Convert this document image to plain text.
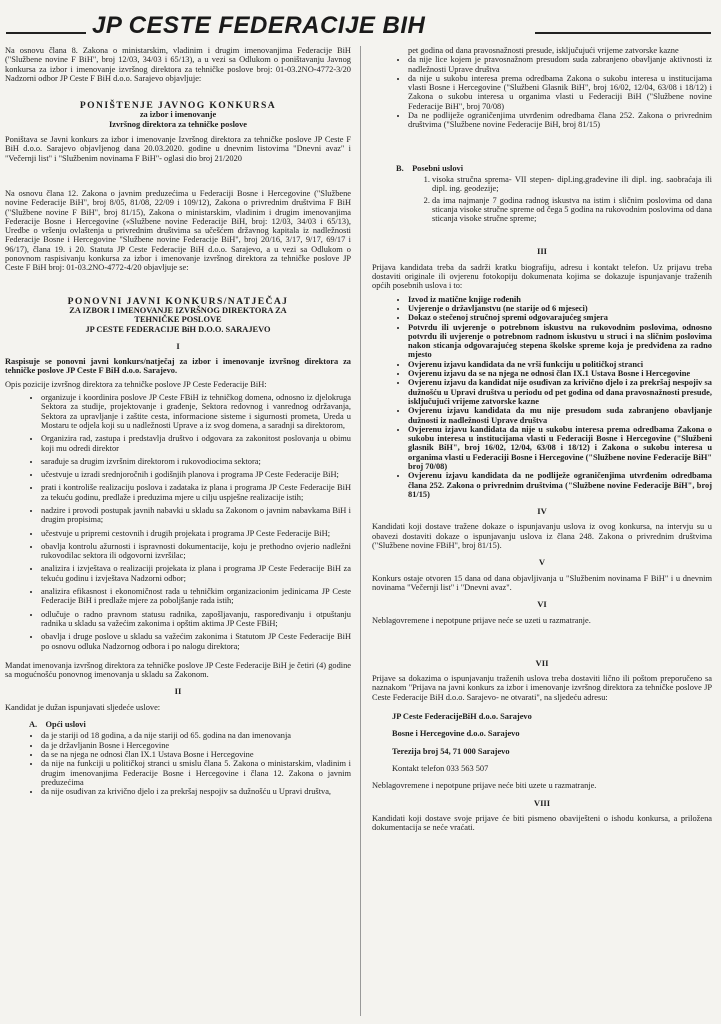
JP CESTE FEDERACIJE BIH

Na osnovu člana 8. Zakona o ministarskim, vladinim i drugim imenovanjima Federacije BiH ("Službene novine F BiH", broj 12/03, 34/03 i 65/13), a u vezi sa Odlukom o poništavanju Javnog konkursa za izbor i imenovanje izvršnog direktora za tehničke poslove broj: 01-03.2NO-4772-3/20 Nadzorni odbor JP Ceste F BiH d.o.o. Sarajevo objavljuje:

PONIŠTENJE JAVNOG KONKURSA
za izbor i imenovanje
Izvršnog direktora za tehničke poslove

Poništava se Javni konkurs za izbor i imenovanje Izvršnog direktora za tehničke poslove JP Ceste F BiH d.o.o. Sarajevo objavljenog dana 20.03.2020. godine u dnevnim listovima "Dnevni avaz" i "Večernji list" i "Službenim novinama F BiH"- oglasi dio broj 21/2020

Na osnovu člana 12. Zakona o javnim preduzećima u Federaciji Bosne i Hercegovine ("Službene novine Federacije BiH", broj 8/05, 81/08, 22/09 i 109/12), Zakona o privrednim društvima F BiH ("Službene novine F BiH", broj 81/15), Zakona o ministarskim, vladinim i drugim imenovanjima Federacije Bosne i Hercegovine («Službene novine Federacije BiH, broj: 12/03, 34/03 i 65/13), Uredbe o vršenju ovlaštenja u privrednim društvima sa učešćem državnog kapitala iz nadležnosti Federacije Bosne i Hercegovine "Službene novine Federacije BiH", broj 20/16, 3/17, 9/17, 69/17 i 96/17), člana 19. i 20. Statuta JP Ceste Federacije BiH d.o.o. Sarajevo, a u vezi sa Odlukom o ponovnom raspisivanju konkursa za izbor i imenovanje izvršnog direktora za tehničke poslove JP Ceste F BiH broj: 01-03.2NO-4772-4/20 objavljuje se:

PONOVNI JAVNI KONKURS/NATJEČAJ
ZA IZBOR I IMENOVANJE IZVRŠNOG DIREKTORA ZA
TEHNIČKE POSLOVE
JP CESTE FEDERACIJE BiH D.O.O. SARAJEVO
I

Raspisuje se ponovni javni konkurs/natječaj za izbor i imenovanje izvršnog direktora za tehničke poslove JP Ceste F BiH d.o.o. Sarajevo.

Opis pozicije izvršnog direktora za tehničke poslove JP Ceste Federacije BiH:

• organizuje i koordinira poslove JP Ceste FBiH iz tehničkog domena, odnosno iz djelokruga Sektora za studije, projektovanje i građenje, Sektora redovnog i vanrednog održavanja, Sektora za upravljanje i zaštite cesta, informacione sisteme i sigurnosti prometa, Ureda u Mostaru te odjela koji su u nadležnosti Uprave a iz svog domena, a saradnji sa direktorom,
• Organizira rad, zastupa i predstavlja društvo i odgovara za zakonitost poslovanja u obimu koji mu odredi direktor
• sarađuje sa drugim izvršnim direktorom i rukovodiocima sektora;
• učestvuje u izradi srednjoročnih i godišnjih planova i programa JP Ceste Federacije BiH;
• prati i kontroliše realizaciju poslova i zadataka iz plana i programa JP Ceste Federacije BiH za tekuću godinu, predlaže i preduzima mjere u cilju uspješne realizacije istih;
• nadzire i provodi postupak javnih nabavki u skladu sa Zakonom o javnim nabavkama BiH i drugim propisima;
• učestvuje u pripremi cestovnih i drugih projekata i programa JP Ceste Federacije BiH;
• obavlja kontrolu ažurnosti i ispravnosti dokumentacije, koju je prethodno ovjerio nadležni rukovodilac sektora ili odgovorni izvršilac;
• analizira i izvještava o realizaciji projekata iz plana i programa JP Ceste Federacije BiH za tekuću godinu i izvještava Nadzorni odbor;
• analizira efikasnost i ekonomičnost rada u tehničkim organizacionim jedinicama JP Ceste Federacije BiH i predlaže mjere za poboljšanje rada istih;
• odlučuje o radno pravnom statusu radnika, zapošljavanju, raspoređivanju i otpuštanju radnika u skladu sa važećim zakonima i opštim aktima JP Ceste FBiH;
• obavlja i druge poslove u skladu sa važećim zakonima i Statutom JP Ceste Federacije BiH po osnovu odluka Nadzornog odbora i po nalogu direktora;

Mandat imenovanja izvršnog direktora za tehničke poslove JP Ceste Federacije BiH je četiri (4) godine sa mogućnošću ponovnog imenovanja u skladu sa Zakonom.

II

Kandidat je dužan ispunjavati sljedeće uslove:

A. Opći uslovi
• da je stariji od 18 godina, a da nije stariji od 65. godina na dan imenovanja
• da je državljanin Bosne i Hercegovine
• da se na njega ne odnosi član IX.1 Ustava Bosne i Hercegovine
• da nije na funkciji u političkoj stranci u smislu člana 5. Zakona o ministarskim, vladinim i drugim imenovanjima Federacije Bosne i Hercegovine i člana 12. Zakona o javnim preduzećima
• da nije osuđivan za krivično djelo i za prekršaj nespojiv sa dužnošću u Upravi društva,
pet godina od dana pravosnažnosti presude, isključujući vrijeme zatvorske kazne
• da nije lice kojem je pravosnažnom presudom suda zabranjeno obavljanje aktivnosti iz nadležnosti Uprave društva
• da nije u sukobu interesa prema odredbama Zakona o sukobu interesa u institucijama vlasti Bosne i Hercegovine ("Službeni Glasnik BiH", broj 16/02, 12/04, 63/08 i 18/12) i Zakona o sukobu interesa u organima vlasti u Federaciji BiH ("Službene novine Federacije BiH", broj 70/08)
• Da ne podliježe ograničenjima utvrđenim odredbama člana 252. Zakona o privrednim društvima ("Službene novine Federacije BiH, broj 81/15)
B. Posebni uslovi
1. visoka stručna sprema- VII stepen- dipl.ing.građevine ili dipl. ing. saobraćaja ili dipl. ing. geodezije;
2. da ima najmanje 7 godina radnog iskustva na istim i sličnim poslovima od dana sticanja visoke stručne spreme od čega 5 godina na rukovodnim poslovima od dana sticanja visoke stručne spreme;
III

Prijava kandidata treba da sadrži kratku biografiju, adresu i kontakt telefon. Uz prijavu treba dostaviti originale ili ovjerenu fotokopiju dokumenata kojima se dokazuje ispunjavanje traženih općih posebnih uslova i to:

• Izvod iz matične knjige rođenih
• Uvjerenje o državljanstvu (ne starije od 6 mjeseci)
• Dokaz o stečenoj stručnoj spremi odgovarajućeg smjera
• Potvrdu ili uvjerenje o potrebnom iskustvu na rukovodnim poslovima, odnosno potvrdu ili uvjerenje o potrebnom radnom iskustvu u struci i na sličnim poslovima nakon sticanja odgovarajućeg stepena školske spreme koja je predviđena za radno mjesto
• Ovjerenu izjavu kandidata da ne vrši funkciju u političkoj stranci
• Ovjerenu izjavu da se na njega ne odnosi član IX.1 Ustava Bosne i Hercegovine
• Ovjerenu izjavu da kandidat nije osuđivan za krivično djelo i za prekršaj nespojiv sa dužnošću u Upravi društva u periodu od pet godina od dana pravosnažnosti presude, isključujući vrijeme zatvorske kazne
• Ovjerenu izjavu kandidata da mu nije presudom suda zabranjeno obavljanje dužnosti iz nadležnosti Uprave društva
• Ovjerenu izjavu kandidata da nije u sukobu interesa prema odredbama Zakona o sukobu interesa u institucijama vlasti u Federaciji Bosne i Hercegovine ("Službeni glasnik BiH", broj 16/02, 12/04, 63/08 i 18/12) i Zakona o sukobu interesa u organima vlasti u Federaciji Bosne i Hercegovine ("Službene novine Federacije BiH" broj 70/08)
• Ovjerenu izjavu kandidata da ne podliježe ograničenjima utvrđenim odredbama člana 252. Zakona o privrednim društvima ("Službene novine Federacije BiH", broj 81/15)
IV

Kandidati koji dostave tražene dokaze o ispunjavanju uslova iz ovog konkursa, na intervju su u obavezi dostaviti dokaze o ispunjavanju uslova iz člana 248. Zakona o privrednim društvima ("Službene novine FBiH", broj 81/15).

V

Konkurs ostaje otvoren 15 dana od dana objavljivanja u "Službenim novinama F BiH" i u dnevnim novinama "Večernji list" i "Dnevni avaz".

VI

Neblagovremene i nepotpune prijave neće se uzeti u razmatranje.

VII

Prijave sa dokazima o ispunjavanju traženih uslova treba dostaviti lično ili poštom preporučeno sa naznakom "Prijava na javni konkurs za izbor i imenovanje izvršnog direktora za tehničke poslove JP Ceste Federacije BiH d.o.o. Sarajevo- ne otvarati", na sljedeću adresu:

JP Ceste FederacijeBiH d.o.o. Sarajevo
Bosne i Hercegovine d.o.o. Sarajevo
Terezija broj 54, 71 000 Sarajevo
Kontakt telefon 033 563 507

Neblagovremene i nepotpune prijave neće biti uzete u razmatranje.

VIII

Kandidati koji dostave svoje prijave će biti pismeno obaviješteni o ishodu konkursa, a priložena dokumentacija se neće vraćati.
